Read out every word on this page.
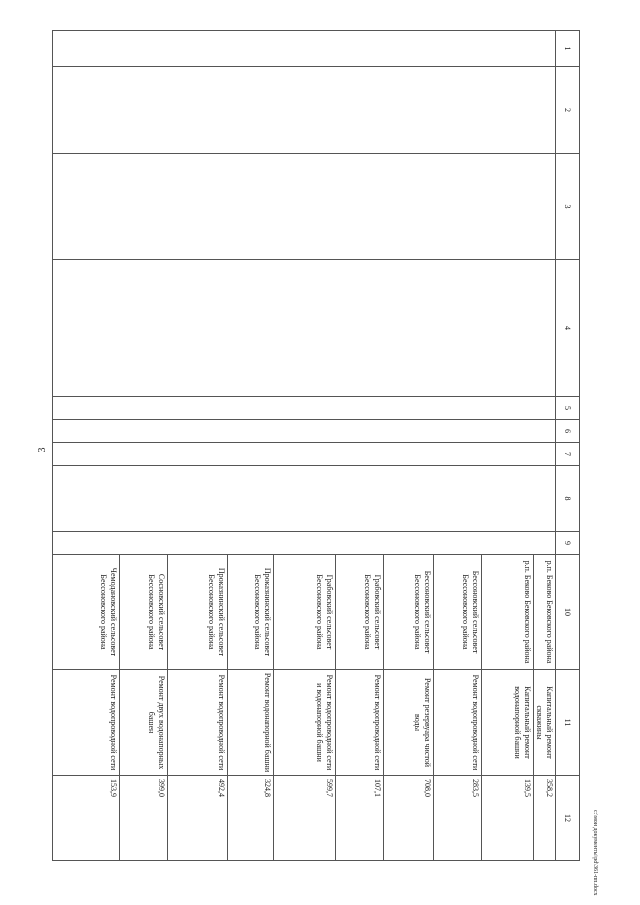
3
1	2	3	4	5	6	7	8	9	10	11	12
									р.п. Беково Бековского района	Капитальный ремонт скважины	358,2
									р.п. Беково Бековского района	Капитальный ремонт водонапорной башни	139,5
									Бессоновский сельсовет Бессоновского района	Ремонт водопроводной сети	283,5
									Бессоновский сельсовет Бессоновского района	Ремонт резервуара чистой воды	708,0
									Грабовский сельсовет Бессоновского района	Ремонт водопроводной сети	107,1
									Грабовский сельсовет Бессоновского района	Ремонт водопроводной сети и водонапорной башни	599,7
									Проказнинский сельсовет Бессоновского района	Ремонт водонапорной башни	324,8
									Проказнинский сельсовет Бессоновского района	Ремонт водопроводной сети	492,4
									Сосновский сельсовет Бессоновского района	Ремонт двух водонапорных башен	399,0
									Чемодановский сельсовет Бессоновского района	Ремонт водопроводной сети	153,9
c:\мои документы\pd\361-пп.docx
